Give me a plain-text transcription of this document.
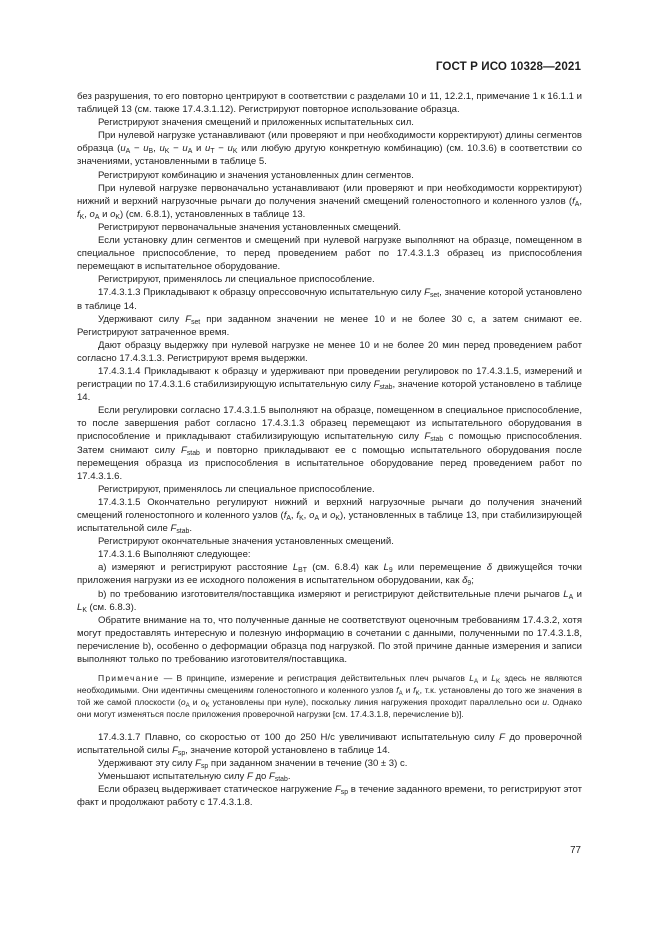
ГОСТ Р ИСО 10328—2021

без разрушения, то его повторно центрируют в соответствии с разделами 10 и 11, 12.2.1, примечание 1 к 16.1.1 и таблицей 13 (см. также 17.4.3.1.12). Регистрируют повторное использование образца.

Регистрируют значения смещений и приложенных испытательных сил.

При нулевой нагрузке устанавливают (или проверяют и при необходимости корректируют) длины сегментов образца ($u_A - u_B$, $u_K - u_A$ и $u_T - u_K$ или любую другую конкретную комбинацию) (см. 10.3.6) в соответствии со значениями, установленными в таблице 5.

Регистрируют комбинацию и значения установленных длин сегментов.

При нулевой нагрузке первоначально устанавливают (или проверяют и при необходимости корректируют) нижний и верхний нагрузочные рычаги до получения значений смещений голеностопного и коленного узлов ($f_A$, $f_K$, $o_A$ и $o_K$) (см. 6.8.1), установленных в таблице 13.

Регистрируют первоначальные значения установленных смещений.

Если установку длин сегментов и смещений при нулевой нагрузке выполняют на образце, помещенном в специальное приспособление, то перед проведением работ по 17.4.3.1.3 образец из приспособления перемещают в испытательное оборудование.

Регистрируют, применялось ли специальное приспособление.

17.4.3.1.3 Прикладывают к образцу опрессовочную испытательную силу $F_{set}$, значение которой установлено в таблице 14.

Удерживают силу $F_{set}$ при заданном значении не менее 10 и не более 30 с, а затем снимают ее. Регистрируют затраченное время.

Дают образцу выдержку при нулевой нагрузке не менее 10 и не более 20 мин перед проведением работ согласно 17.4.3.1.3. Регистрируют время выдержки.

17.4.3.1.4 Прикладывают к образцу и удерживают при проведении регулировок по 17.4.3.1.5, измерений и регистрации по 17.4.3.1.6 стабилизирующую испытательную силу $F_{stab}$, значение которой установлено в таблице 14.

Если регулировки согласно 17.4.3.1.5 выполняют на образце, помещенном в специальное приспособление, то после завершения работ согласно 17.4.3.1.3 образец перемещают из испытательного оборудования в приспособление и прикладывают стабилизирующую испытательную силу $F_{stab}$ с помощью приспособления. Затем снимают силу $F_{stab}$ и повторно прикладывают ее с помощью испытательного оборудования после перемещения образца из приспособления в испытательное оборудование перед проведением работ по 17.4.3.1.6.

Регистрируют, применялось ли специальное приспособление.

17.4.3.1.5 Окончательно регулируют нижний и верхний нагрузочные рычаги до получения значений смещений голеностопного и коленного узлов ($f_A$, $f_K$, $o_A$ и $o_K$), установленных в таблице 13, при стабилизирующей испытательной силе $F_{stab}$.

Регистрируют окончательные значения установленных смещений.

17.4.3.1.6 Выполняют следующее:

а) измеряют и регистрируют расстояние $L_{BT}$ (см. 6.8.4) как $L_9$ или перемещение δ движущейся точки приложения нагрузки из ее исходного положения в испытательном оборудовании, как $\delta_9$;

b) по требованию изготовителя/поставщика измеряют и регистрируют действительные плечи рычагов $L_A$ и $L_K$ (см. 6.8.3).

Обратите внимание на то, что полученные данные не соответствуют оценочным требованиям 17.4.3.2, хотя могут предоставлять интересную и полезную информацию в сочетании с данными, полученными по 17.4.3.1.8, перечисление b), особенно о деформации образца под нагрузкой. По этой причине данные измерения и записи выполняют только по требованию изготовителя/поставщика.

Примечание — В принципе, измерение и регистрация действительных плеч рычагов $L_A$ и $L_K$ здесь не являются необходимыми. Они идентичны смещениям голеностопного и коленного узлов $f_A$ и $f_K$, т.к. установлены до того же значения в той же самой плоскости ($o_A$ и $o_K$ установлены при нуле), поскольку линия нагружения проходит параллельно оси u. Однако они могут изменяться после приложения проверочной нагрузки [см. 17.4.3.1.8, перечисление b)].

17.4.3.1.7 Плавно, со скоростью от 100 до 250 Н/с увеличивают испытательную силу F до проверочной испытательной силы $F_{sp}$, значение которой установлено в таблице 14.

Удерживают эту силу $F_{sp}$ при заданном значении в течение (30 ± 3) с.

Уменьшают испытательную силу F до $F_{stab}$.

Если образец выдерживает статическое нагружение $F_{sp}$ в течение заданного времени, то регистрируют этот факт и продолжают работу с 17.4.3.1.8.

77
